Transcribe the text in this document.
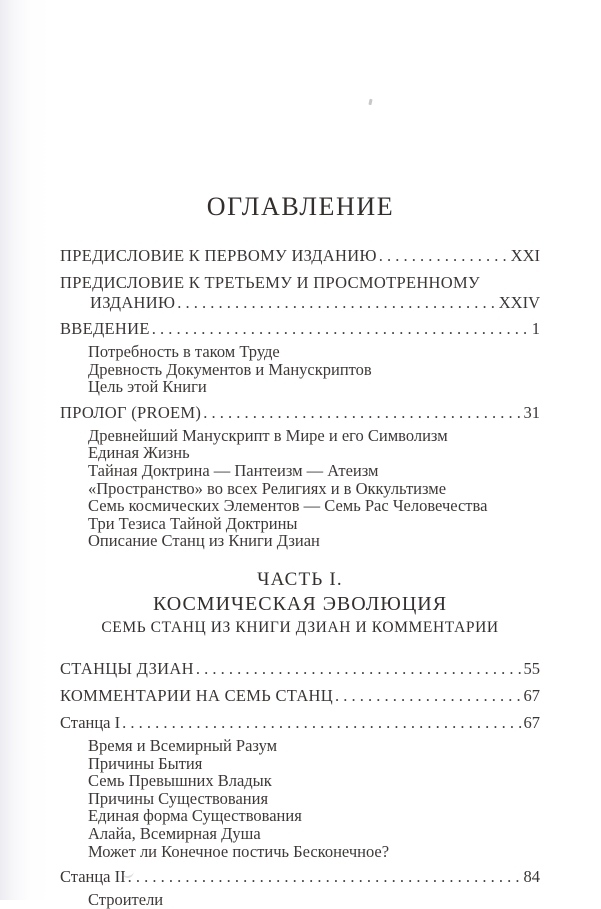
ОГЛАВЛЕНИЕ
ПРЕДИСЛОВИЕ К ПЕРВОМУ ИЗДАНИЮ . . .	XXI
ПРЕДИСЛОВИЕ К ТРЕТЬЕМУ И ПРОСМОТРЕННОМУ
ИЗДАНИЮ . . .	XXIV
ВВЕДЕНИЕ . . .	1
Потребность в таком Труде
Древность Документов и Манускриптов
Цель этой Книги
ПРОЛОГ (PROEM) . . .	31
Древнейший Манускрипт в Мире и его Символизм
Единая Жизнь
Тайная Доктрина — Пантеизм — Атеизм
«Пространство» во всех Религиях и в Оккультизме
Семь космических Элементов — Семь Рас Человечества
Три Тезиса Тайной Доктрины
Описание Станц из Книги Дзиан
ЧАСТЬ I.
КОСМИЧЕСКАЯ ЭВОЛЮЦИЯ
СЕМЬ СТАНЦ ИЗ КНИГИ ДЗИАН И КОММЕНТАРИИ
СТАНЦЫ ДЗИАН . . .	55
КОММЕНТАРИИ НА СЕМЬ СТАНЦ . . .	67
Станца I . . .	67
Время и Всемирный Разум
Причины Бытия
Семь Превышних Владык
Причины Существования
Единая форма Существования
Алайа, Всемирная Душа
Может ли Конечное постичь Бесконечное?
Станца II . . .	84
Строители
